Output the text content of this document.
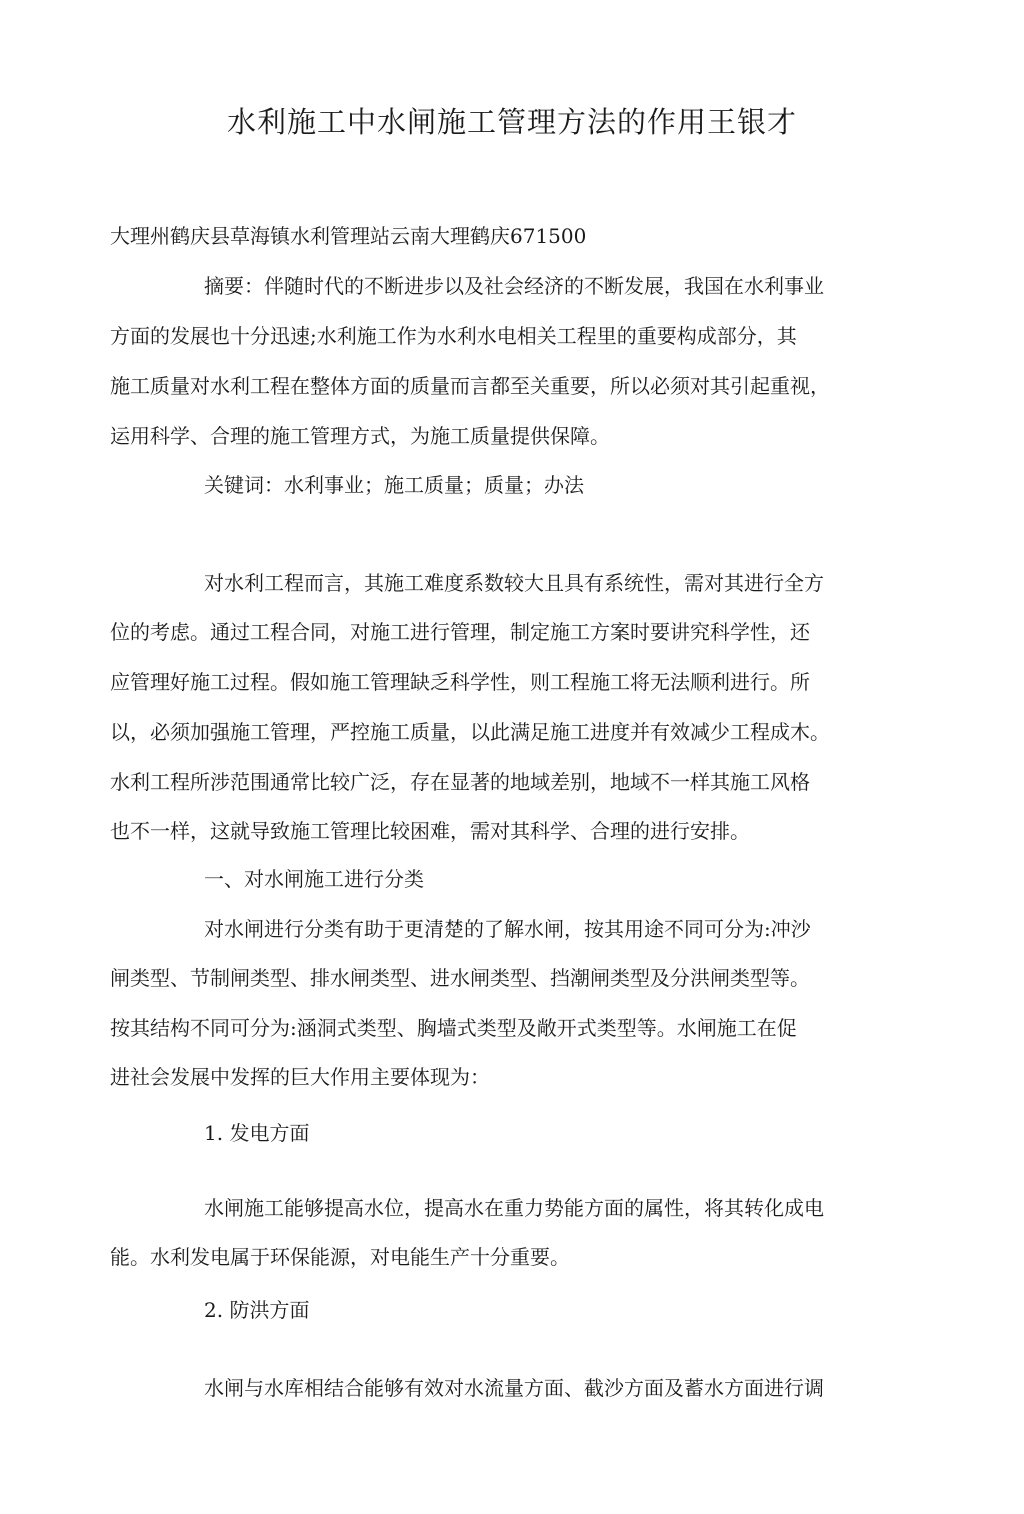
水利施工中水闸施工管理方法的作用王银才

大理州鹤庆县草海镇水利管理站云南大理鹤庆671500

摘要：伴随时代的不断进步以及社会经济的不断发展，我国在水利事业

方面的发展也十分迅速;水利施工作为水利水电相关工程里的重要构成部分，其

施工质量对水利工程在整体方面的质量而言都至关重要，所以必须对其引起重视，

运用科学、合理的施工管理方式，为施工质量提供保障。

关键词：水利事业；施工质量；质量；办法

对水利工程而言，其施工难度系数较大且具有系统性，需对其进行全方

位的考虑。通过工程合同，对施工进行管理，制定施工方案时要讲究科学性，还

应管理好施工过程。假如施工管理缺乏科学性，则工程施工将无法顺利进行。所

以，必须加强施工管理，严控施工质量，以此满足施工进度并有效减少工程成木。

水利工程所涉范围通常比较广泛，存在显著的地域差别，地域不一样其施工风格

也不一样，这就导致施工管理比较困难，需对其科学、合理的进行安排。

一、对水闸施工进行分类

对水闸进行分类有助于更清楚的了解水闸，按其用途不同可分为:冲沙

闸类型、节制闸类型、排水闸类型、进水闸类型、挡潮闸类型及分洪闸类型等。

按其结构不同可分为:涵洞式类型、胸墙式类型及敞开式类型等。水闸施工在促

进社会发展中发挥的巨大作用主要体现为：

1. 发电方面

水闸施工能够提高水位，提高水在重力势能方面的属性，将其转化成电

能。水利发电属于环保能源，对电能生产十分重要。

2. 防洪方面

水闸与水库相结合能够有效对水流量方面、截沙方面及蓄水方面进行调
